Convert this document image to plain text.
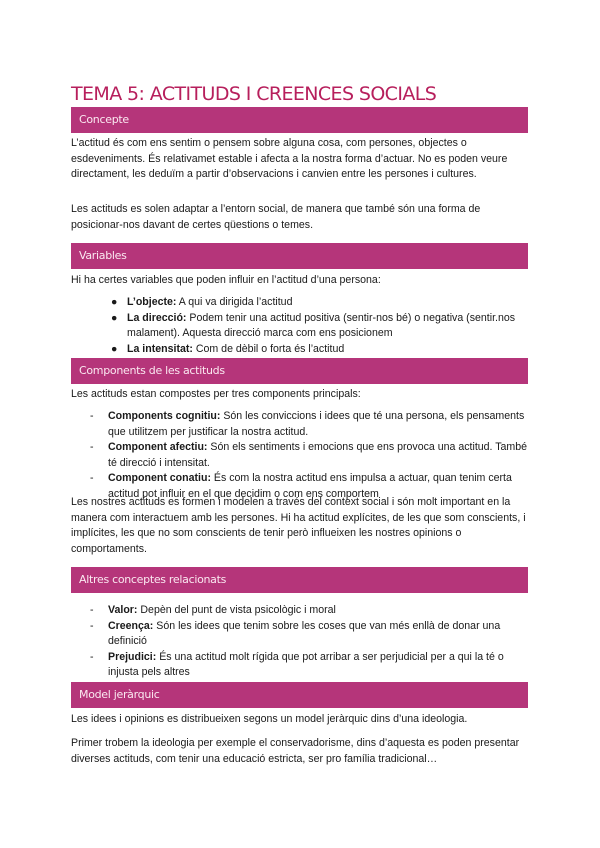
TEMA 5: ACTITUDS I CREENCES SOCIALS
Concepte

L’actitud és com ens sentim o pensem sobre alguna cosa, com persones, objectes o esdeveniments. És relativamet estable i afecta a la nostra forma d’actuar. No es poden veure directament, les deduïm a partir d’observacions i canvien entre les persones i cultures.

Les actituds es solen adaptar a l’entorn social, de manera que també són una forma de posicionar-nos davant de certes qüestions o temes.

Variables

Hi ha certes variables que poden influir en l’actitud d’una persona:

● L’objecte: A qui va dirigida l’actitud
● La direcció: Podem tenir una actitud positiva (sentir-nos bé) o negativa (sentir.nos malament). Aquesta direcció marca com ens posicionem
● La intensitat: Com de dèbil o forta és l’actitud
Components de les actituds

Les actituds estan compostes per tres components principals:

- Components cognitiu: Són les conviccions i idees que té una persona, els pensaments que utilitzem per justificar la nostra actitud.
- Component afectiu: Són els sentiments i emocions que ens provoca una actitud. També té direcció i intensitat.
- Component conatiu: És com la nostra actitud ens impulsa a actuar, quan tenim certa actitud pot influir en el que decidim o com ens comportem

Les nostres actituds es formen i modelen a través del context social i són molt important en la manera com interactuem amb les persones. Hi ha actitud explícites, de les que som conscients, i implícites, les que no som conscients de tenir però influeixen les nostres opinions o comportaments.

Altres conceptes relacionats
- Valor: Depèn del punt de vista psicològic i moral
- Creença: Són les idees que tenim sobre les coses que van més enllà de donar una definició
- Prejudici: És una actitud molt rígida que pot arribar a ser perjudicial per a qui la té o injusta pels altres
Model jeràrquic

Les idees i opinions es distribueixen segons un model jeràrquic dins d’una ideologia.

Primer trobem la ideologia per exemple el conservadorisme, dins d’aquesta es poden presentar diverses actituds, com tenir una educació estricta, ser pro família tradicional…
